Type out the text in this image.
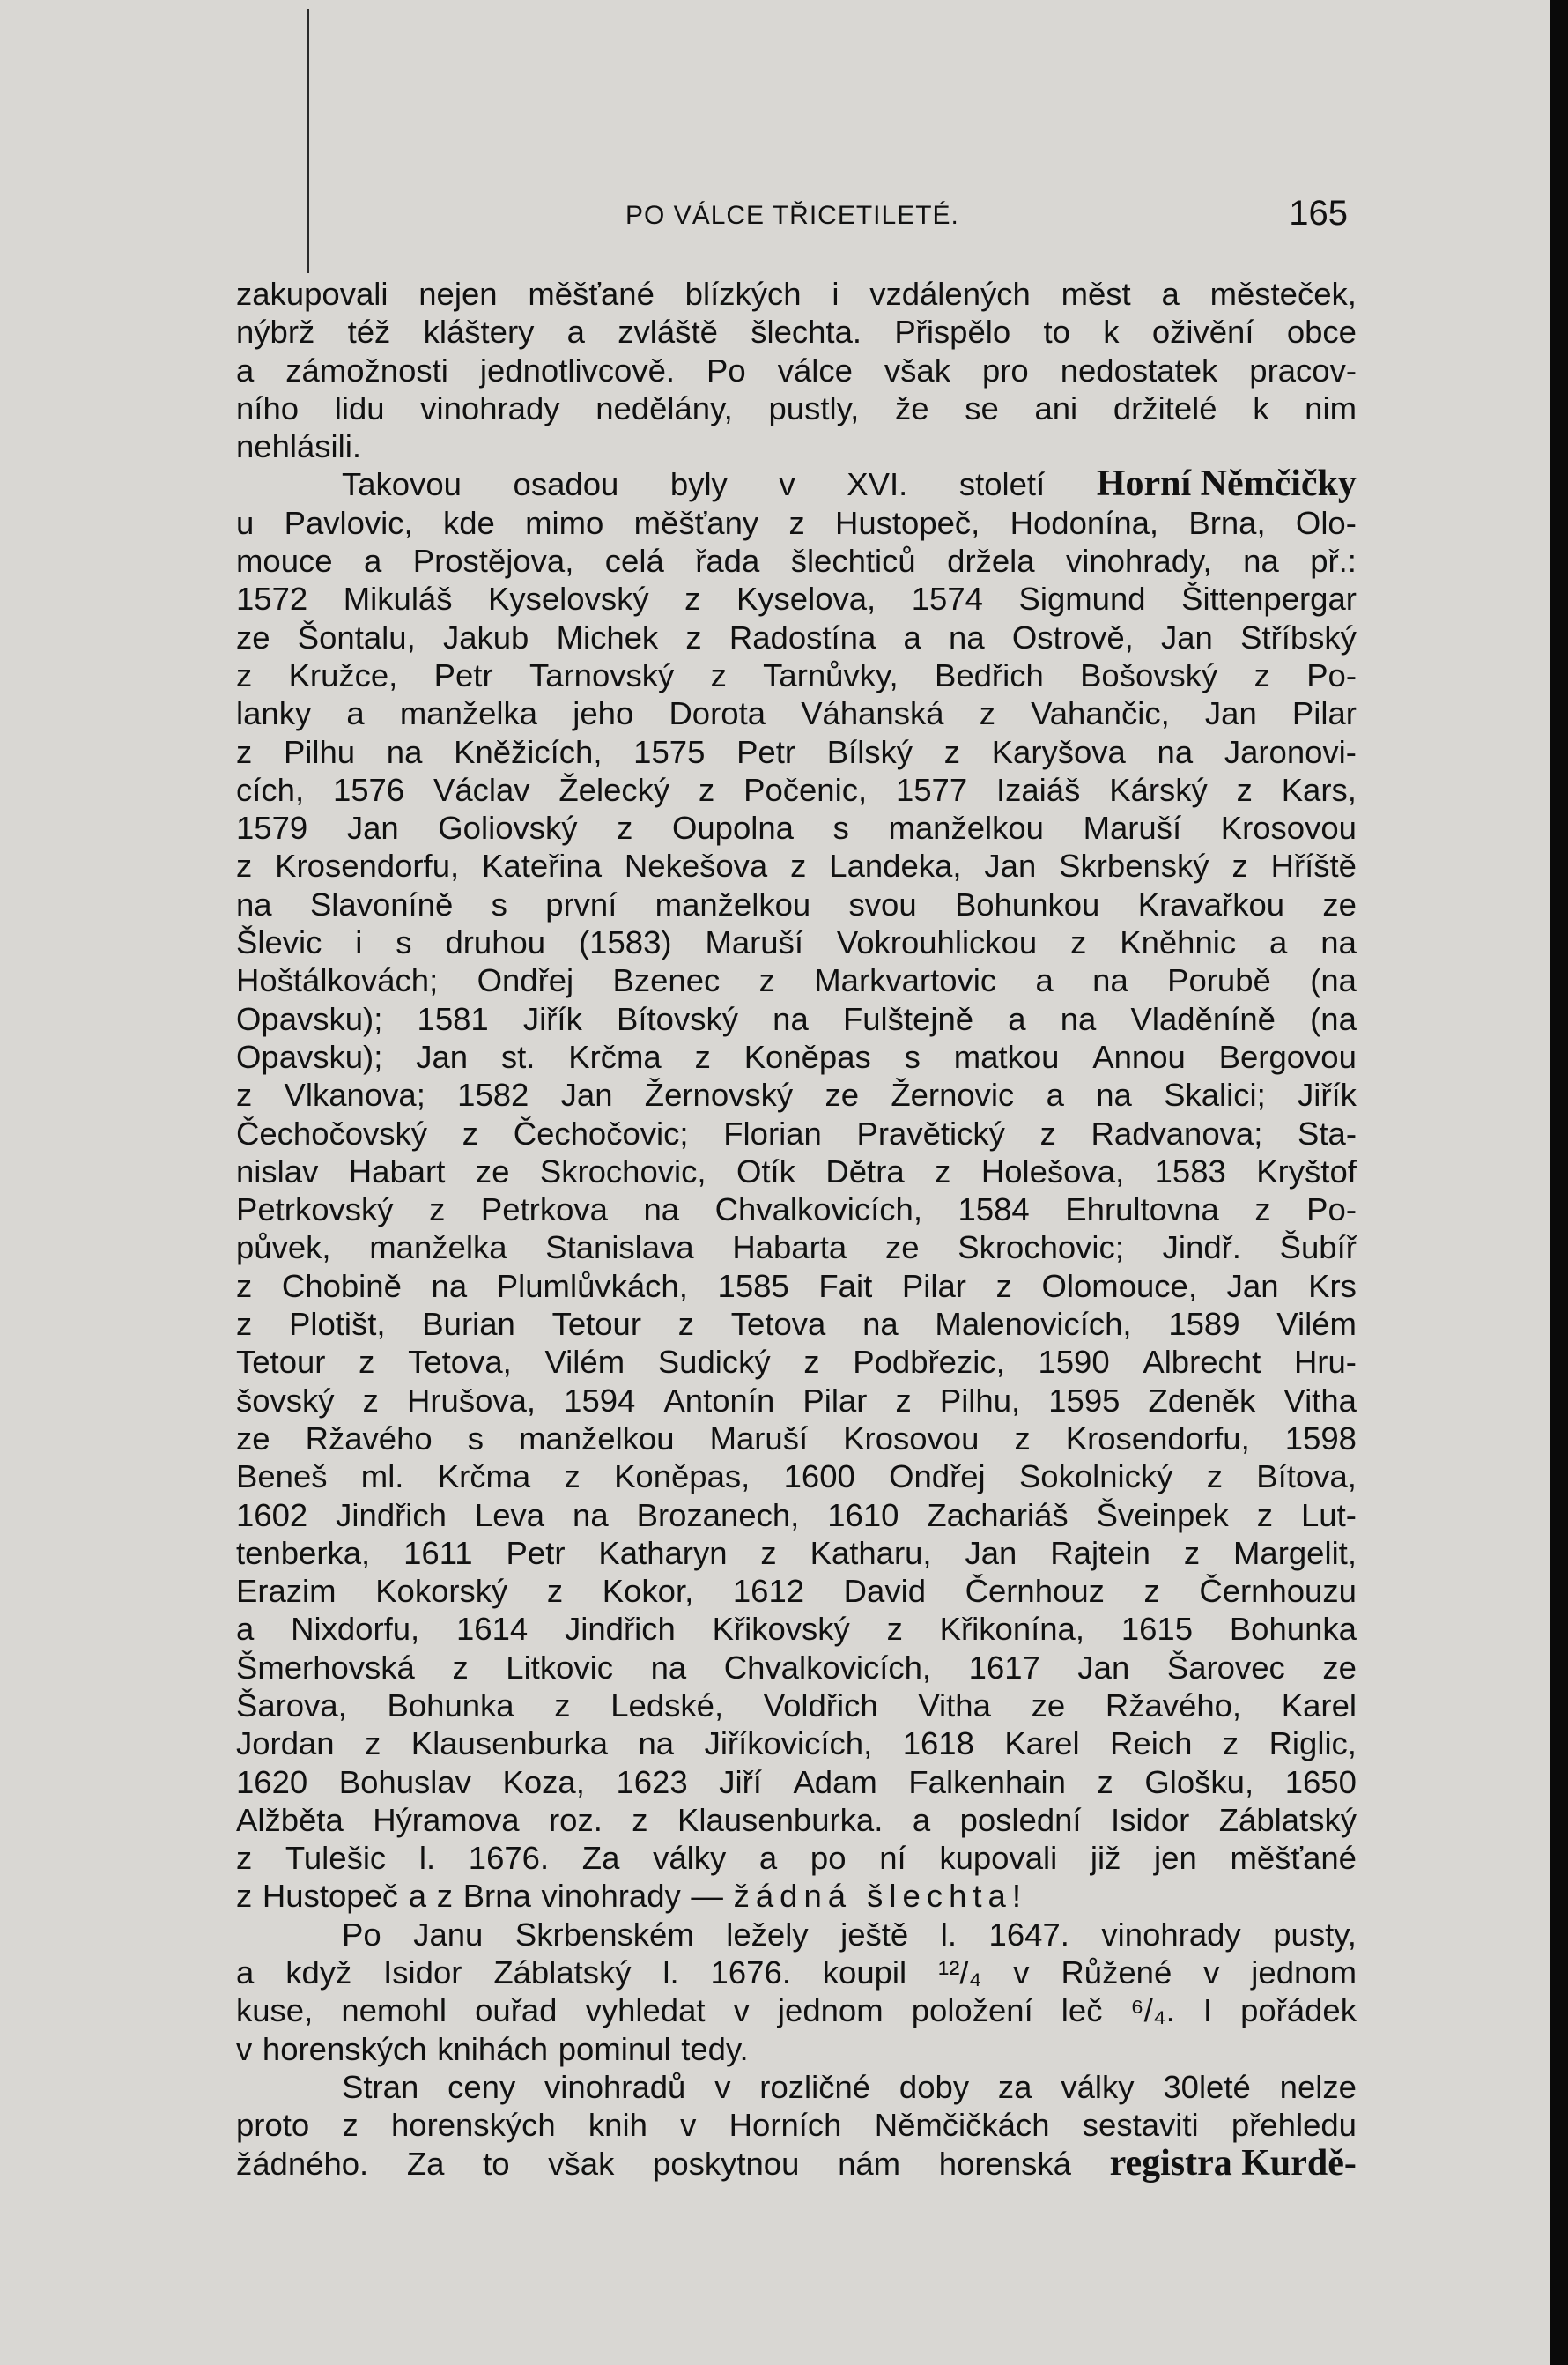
PO VÁLCE TŘICETILETÉ.	165
zakupovali nejen měšťané blízkých i vzdálených měst a městeček,
nýbrž též kláštery a zvláště šlechta. Přispělo to k oživění obce
a zámožnosti jednotlivcově. Po válce však pro nedostatek pracov-
ního lidu vinohrady nedělány, pustly, že se ani držitelé k nim
nehlásili.
Takovou osadou byly v XVI. století Horní Němčičky
u Pavlovic, kde mimo měšťany z Hustopeč, Hodonína, Brna, Olo-
mouce a Prostějova, celá řada šlechticů držela vinohrady, na př.:
1572 Mikuláš Kyselovský z Kyselova, 1574 Sigmund Šittenpergar
ze Šontalu, Jakub Michek z Radostína a na Ostrově, Jan Stříbský
z Kružce, Petr Tarnovský z Tarnůvky, Bedřich Bošovský z Po-
lanky a manželka jeho Dorota Váhanská z Vahančic, Jan Pilar
z Pilhu na Kněžicích, 1575 Petr Bílský z Karyšova na Jaronovi-
cích, 1576 Václav Želecký z Počenic, 1577 Izaiáš Kárský z Kars,
1579 Jan Goliovský z Oupolna s manželkou Maruší Krosovou
z Krosendorfu, Kateřina Nekešova z Landeka, Jan Skrbenský z Hříště
na Slavoníně s první manželkou svou Bohunkou Kravařkou ze
Šlevic i s druhou (1583) Maruší Vokrouhlickou z Kněhnic a na
Hoštálkovách; Ondřej Bzenec z Markvartovic a na Porubě (na
Opavsku); 1581 Jiřík Bítovský na Fulštejně a na Vladěníně (na
Opavsku); Jan st. Krčma z Koněpas s matkou Annou Bergovou
z Vlkanova; 1582 Jan Žernovský ze Žernovic a na Skalici; Jiřík
Čechočovský z Čechočovic; Florian Pravětický z Radvanova; Sta-
nislav Habart ze Skrochovic, Otík Dětra z Holešova, 1583 Kryštof
Petrkovský z Petrkova na Chvalkovicích, 1584 Ehrultovna z Po-
půvek, manželka Stanislava Habarta ze Skrochovic; Jindř. Šubíř
z Chobině na Plumlůvkách, 1585 Fait Pilar z Olomouce, Jan Krs
z Plotišt, Burian Tetour z Tetova na Malenovicích, 1589 Vilém
Tetour z Tetova, Vilém Sudický z Podbřezic, 1590 Albrecht Hru-
šovský z Hrušova, 1594 Antonín Pilar z Pilhu, 1595 Zdeněk Vitha
ze Ržavého s manželkou Maruší Krosovou z Krosendorfu, 1598
Beneš ml. Krčma z Koněpas, 1600 Ondřej Sokolnický z Bítova,
1602 Jindřich Leva na Brozanech, 1610 Zachariáš Šveinpek z Lut-
tenberka, 1611 Petr Katharyn z Katharu, Jan Rajtein z Margelit,
Erazim Kokorský z Kokor, 1612 David Černhouz z Černhouzu
a Nixdorfu, 1614 Jindřich Křikovský z Křikonína, 1615 Bohunka
Šmerhovská z Litkovic na Chvalkovicích, 1617 Jan Šarovec ze
Šarova, Bohunka z Ledské, Voldřich Vitha ze Ržavého, Karel
Jordan z Klausenburka na Jiříkovicích, 1618 Karel Reich z Riglic,
1620 Bohuslav Koza, 1623 Jiří Adam Falkenhain z Glošku, 1650
Alžběta Hýramova roz. z Klausenburka. a poslední Isidor Záblatský
z Tulešic l. 1676. Za války a po ní kupovali již jen měšťané
z Hustopeč a z Brna vinohrady — žádná šlechta!
Po Janu Skrbenském ležely ještě l. 1647. vinohrady pusty,
a když Isidor Záblatský l. 1676. koupil ¹²/₄ v Růžené v jednom
kuse, nemohl ouřad vyhledat v jednom položení leč ⁶/₄. I pořádek
v horenských knihách pominul tedy.
Stran ceny vinohradů v rozličné doby za války 30leté nelze
proto z horenských knih v Horních Němčičkách sestaviti přehledu
žádného. Za to však poskytnou nám horenská registra Kurdě-
